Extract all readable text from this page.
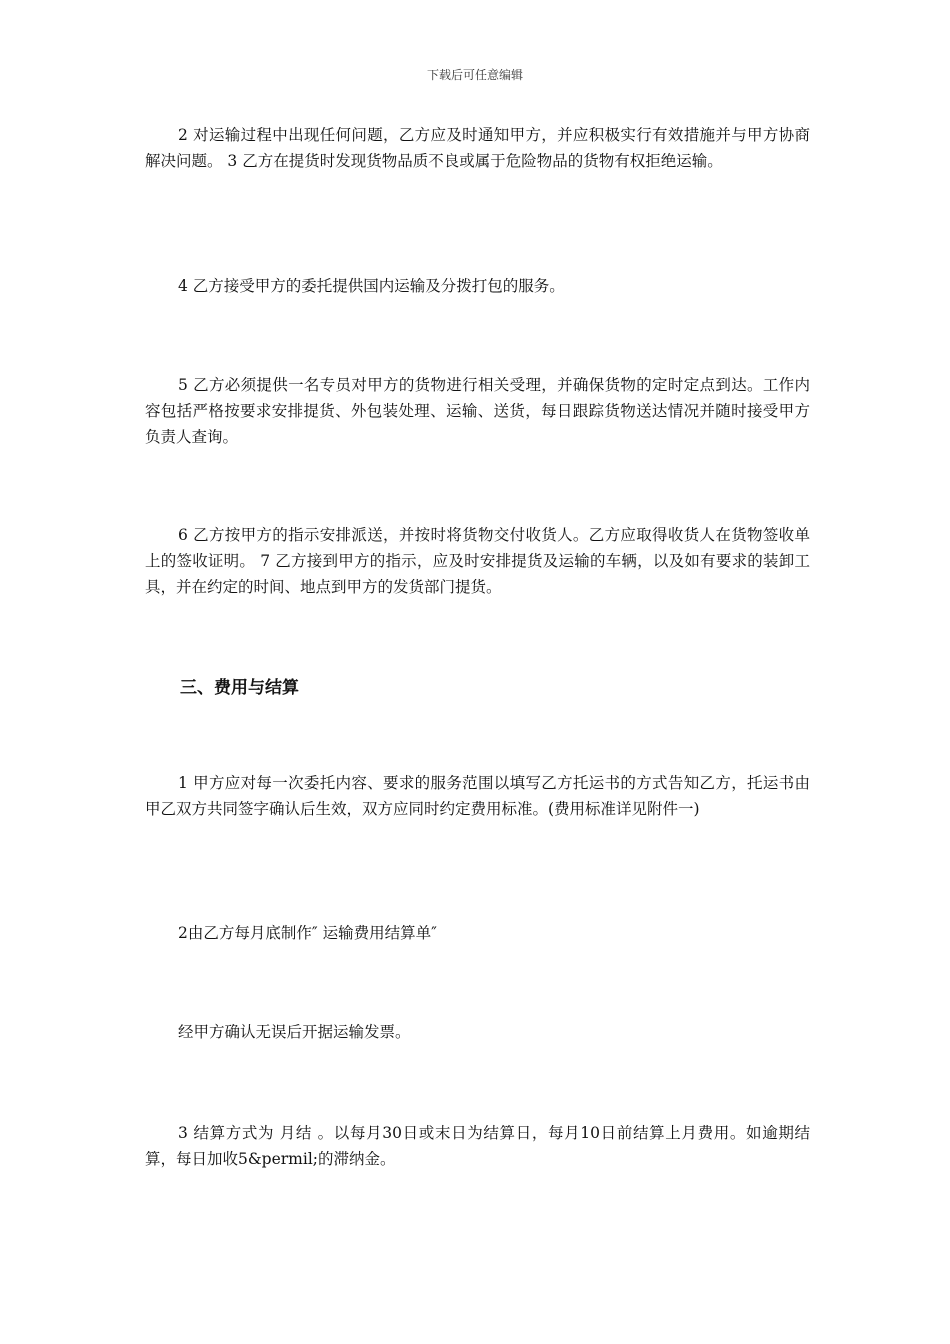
下载后可任意编辑

2 对运输过程中出现任何问题，乙方应及时通知甲方，并应积极实行有效措施并与甲方协商解决问题。 3 乙方在提货时发现货物品质不良或属于危险物品的货物有权拒绝运输。

4 乙方接受甲方的委托提供国内运输及分拨打包的服务。

5 乙方必须提供一名专员对甲方的货物进行相关受理，并确保货物的定时定点到达。工作内容包括严格按要求安排提货、外包装处理、运输、送货，每日跟踪货物送达情况并随时接受甲方负责人查询。

6 乙方按甲方的指示安排派送，并按时将货物交付收货人。乙方应取得收货人在货物签收单上的签收证明。 7 乙方接到甲方的指示，应及时安排提货及运输的车辆，以及如有要求的装卸工具，并在约定的时间、地点到甲方的发货部门提货。

三、费用与结算

1 甲方应对每一次委托内容、要求的服务范围以填写乙方托运书的方式告知乙方，托运书由甲乙双方共同签字确认后生效，双方应同时约定费用标准。(费用标准详见附件一)

2由乙方每月底制作″ 运输费用结算单″

经甲方确认无误后开据运输发票。

3 结算方式为 月结 。以每月30日或末日为结算日，每月10日前结算上月费用。如逾期结算，每日加收5&permil;的滞纳金。
